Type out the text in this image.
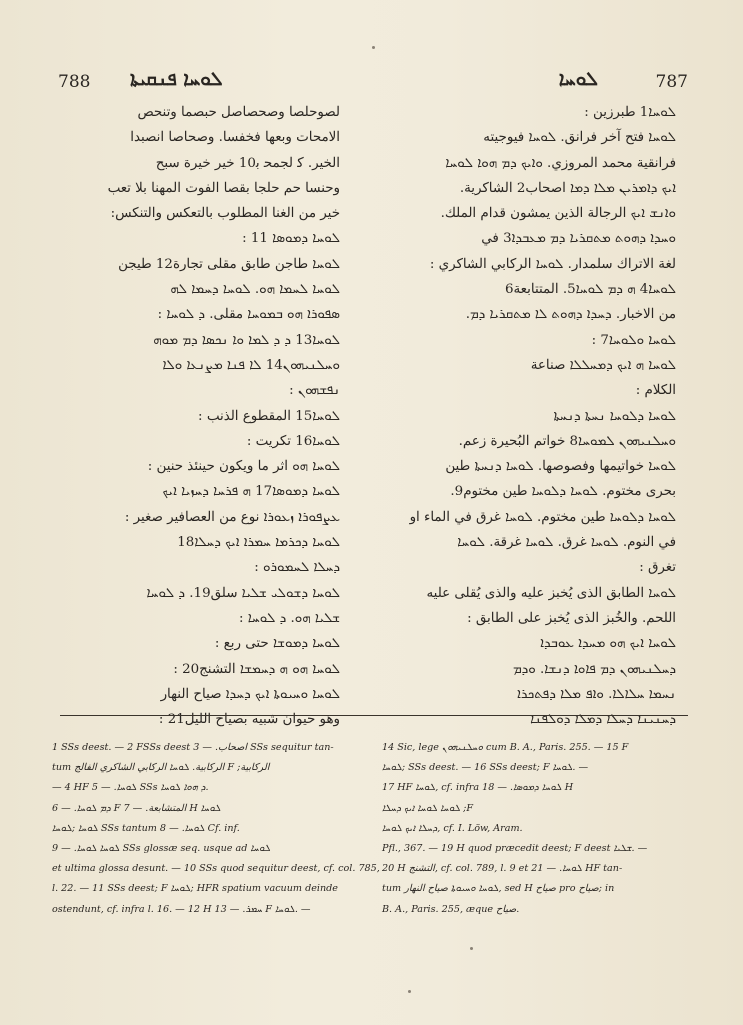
788 ܠܘܚܐ ܦܢܩܝܬܐ	ܠܘܚܐ	787
لصوحلصا وصحصاصل حبصما وتنحص
الامحات وبعها فخفسا. وصحاصا انصبدا
الخير. ﮐ ﻟﺠﻤﺤ ﺑ10 ﺧﻴﺮ ﺧﻴﺮﺓ ﺳﺒﺢ
وحنسا حم حلجا بقصا الفوت المهنا بلا تعب
خير من الغنا المطلوب بالتعكس والتنكس:
ܠܘܚܐ ܕܡܘܣܐ 11 :
ܠܘܚܐ طاجن طابق مقلى تجارة12 طيجن
ܠܘܚܐ ܠܚܡܐ ܗܘ. ܠܘܚܐ ܕܚܡܐ ܠܗ
ܣܦܘܪܐ ܗܘ ܒܡܘܚܐ مقلى. ܕ ܠܘܚܐ :
ܠܘܚܐ13 ܕ ܕ ܠܡܐ ܘܐ ܢܟܣܐ ܕܡ ܡܘܗ
ܘܚܠܢܝܗܘܢ14 ܠܐ ܦܢܐ ܡܨܢܥܐ ܘܠܐ
ܢܦܫܗܘܢ :
ܠܘܚܐ15 المقطوع الذنب :
ܠܘܚܐ16 تكريت :
ܠܘܚܐ ܗܘ اثر ما ويكون حينئذ حنين :
ܠܘܚܐ ܕܡܘܣܐ17 ܗ ܦܪܚܐ ܕܚܙܝܐ ܐܝܟ
ܥܨܦܘܪܐ ܙܥܘܪܐ نوع من العصافير صغير :
ܠܘܚܐ ܕܟܪܡܐ ܚܡܪܐ ܐܝܟ ܕܚܠܐ18
ܕܚܠܐ ܠܚܡܘܪܘ :
ܠܘܚܐ ܕܫܘܠܝ ܫܠܝܐ سلق19. ܕ ܠܘܚܐ
ܫܠܝܐ ܗܘ. ܕ ܠܘܚܐ :
ܠܘܚܐ ܕܡܘܫܐ حتى ربع :
ܠܘܚܐ ܗܘ ܗ ܕܚܡܫܐ التشنج20 :
ܠܘܚܐ ܘܚܝܘܬܐ ܐܝܟ ܕܚܕܐ صياح النهار
وهو حيوان شبيه بصياح الليل21 :
ܠܘܚܐ1 طبرزين :
ܠܘܚܐ فتح آخر فرانق. ܠܘܚܐ فيوجيته
فرانقية محمد المروزي. ܘܐܝܟ ܕܡ ܗܘܐ ܠܘܚܐ
ܐܝܟ ܕܐܡܪܝܢ ܡܠܐ ܕܡܐ اصحاب2 الشاكرية.
ܘܐܢܫ ܐܝܟ الرجالة الذين يمشون قدام الملك.
ܘܚܕܐ ܕܗܘܬ ܡܬܩܪܝܐ ܕܡ ܡܥܒܕܐ3 في
لغة الاتراك سلمدار. ܠܘܚܐ الركابي الشاكري :
ܠܘܚܐ4 ܗ ܕܡ ܠܘܚܐ5. المتتابعة6
من الاخبار. ܕܚܕܐ ܕܗܘܬ ܠܐ ܡܬܩܪܝܐ ܕܡ.
ܠܘܚܐ ܘܠܘܚܐ7 :
ܠܘܚܐ ܗ ܐܝܟ ܕܡܚܠܠܐ صناعة
الكلام :
ܠܘܚܐ ܕܠܘܚܐ ܢܚܬܐ ܕܢܚܬܐ
ܘܚܠܢܝܗܘܢ ܠܡܘܚܐ8 خواتم البُحيرة زعم.
ܠܘܚܐ خواتيمها وفصوصها. ܠܘܚܐ ܕܢܚܬܐ طين
بحرى مختوم. ܠܘܚܐ ܕܠܘܚܐ طين مختوم9.
ܠܘܚܐ ܕܠܘܚܐ طين مختوم. ܠܘܚܐ غرق في الماء او
في النوم. ܠܘܚܐ غرق. ܠܘܚܐ غرقة. ܠܘܚܐ
تغرق :
ܠܘܚܐ الطابق الذى يُخبز عليه والذى يُقلى عليه
اللحم. والخُبز الذى يُخبز على الطابق :
ܠܘܚܐ ܐܝܟ ܗܘ ܡܚܕܐ ܥܘܒܕܐ
ܕܚܠܢܝܗܘܢ ܕܡ ܦܐܘܐ ܕܢܫܐ. ܘܕܡ
ܢܚܡܐ ܚܠܐܠܐ. ܘܐܦ ܡܠܐ ܕܦܬܟܪܐ
ܕܚܢܝܢܐ ܕܚܠܐ ܕܡܠܐ ܕܘܠܦܢܐ
1 SSs deest. — 2 FSSs deest اصحاب. — 3 SSs sequitur tan-
tum الركابية. ܠܘܚܐ الركابي الشاكري الفالج F ;الركابية
— 4 HF ܠܘܚܐ. — 5 SSs ܕ ܗܘܐ ܠܘܚܐ.
ܕܡ ܠܘܚܐ. — 6 F المتشابعة. — 7 H ܠܘܚܐ
ܠܘܚܐ ;ܠܘܚܐ SSs tantum ܠܘܚܐ. — 8 Cf. inf.
ܠܘܚܐ ܠܘܚܐ. — 9 SSs glossæ seq. usque ad ܠܘܚܐ
et ultima glossa desunt. — 10 SSs quod sequitur deest, cf. col. 785,
l. 22. — 11 SSs deest; F ܠܘܚܐ; HFR spatium vacuum deinde
ostendunt, cf. infra l. 16. — 12 H ܚܡܪ. — 13 F ܠܘܚܐ. —
14 Sic, lege ܘܚܠܢܝܗܘܢ cum B. A., Paris. 255. — 15 F
ܠܘܚܐ; SSs deest. — 16 SSs deest; F ܠܘܚܐ. —
17 HF ܠܘܚܐ, cf. infra ܠܘܚܐ ܕܡܘܣܐ. — 18 H
ܠܘܚܐ ܠܘܚܐ ܐܝܟ ܕܚܠܐ ;F
ܕܚܠܐ ܐܝܟ ܠܘܚܐ, cf. I. Löw, Aram.
Pfl., 367. — 19 H quod præcedit deest; F deest ܫܠܝܐ. —
20 H التشنج, cf. col. 789, l. 9 et ܠܘܚܐ. — 21 HF tan-
tum ܠܘܚܐ ܘܚܝܘܬܐ صياح النهار, sed H صياح pro صياح; in
B. A., Paris. 255, æque صياح.
